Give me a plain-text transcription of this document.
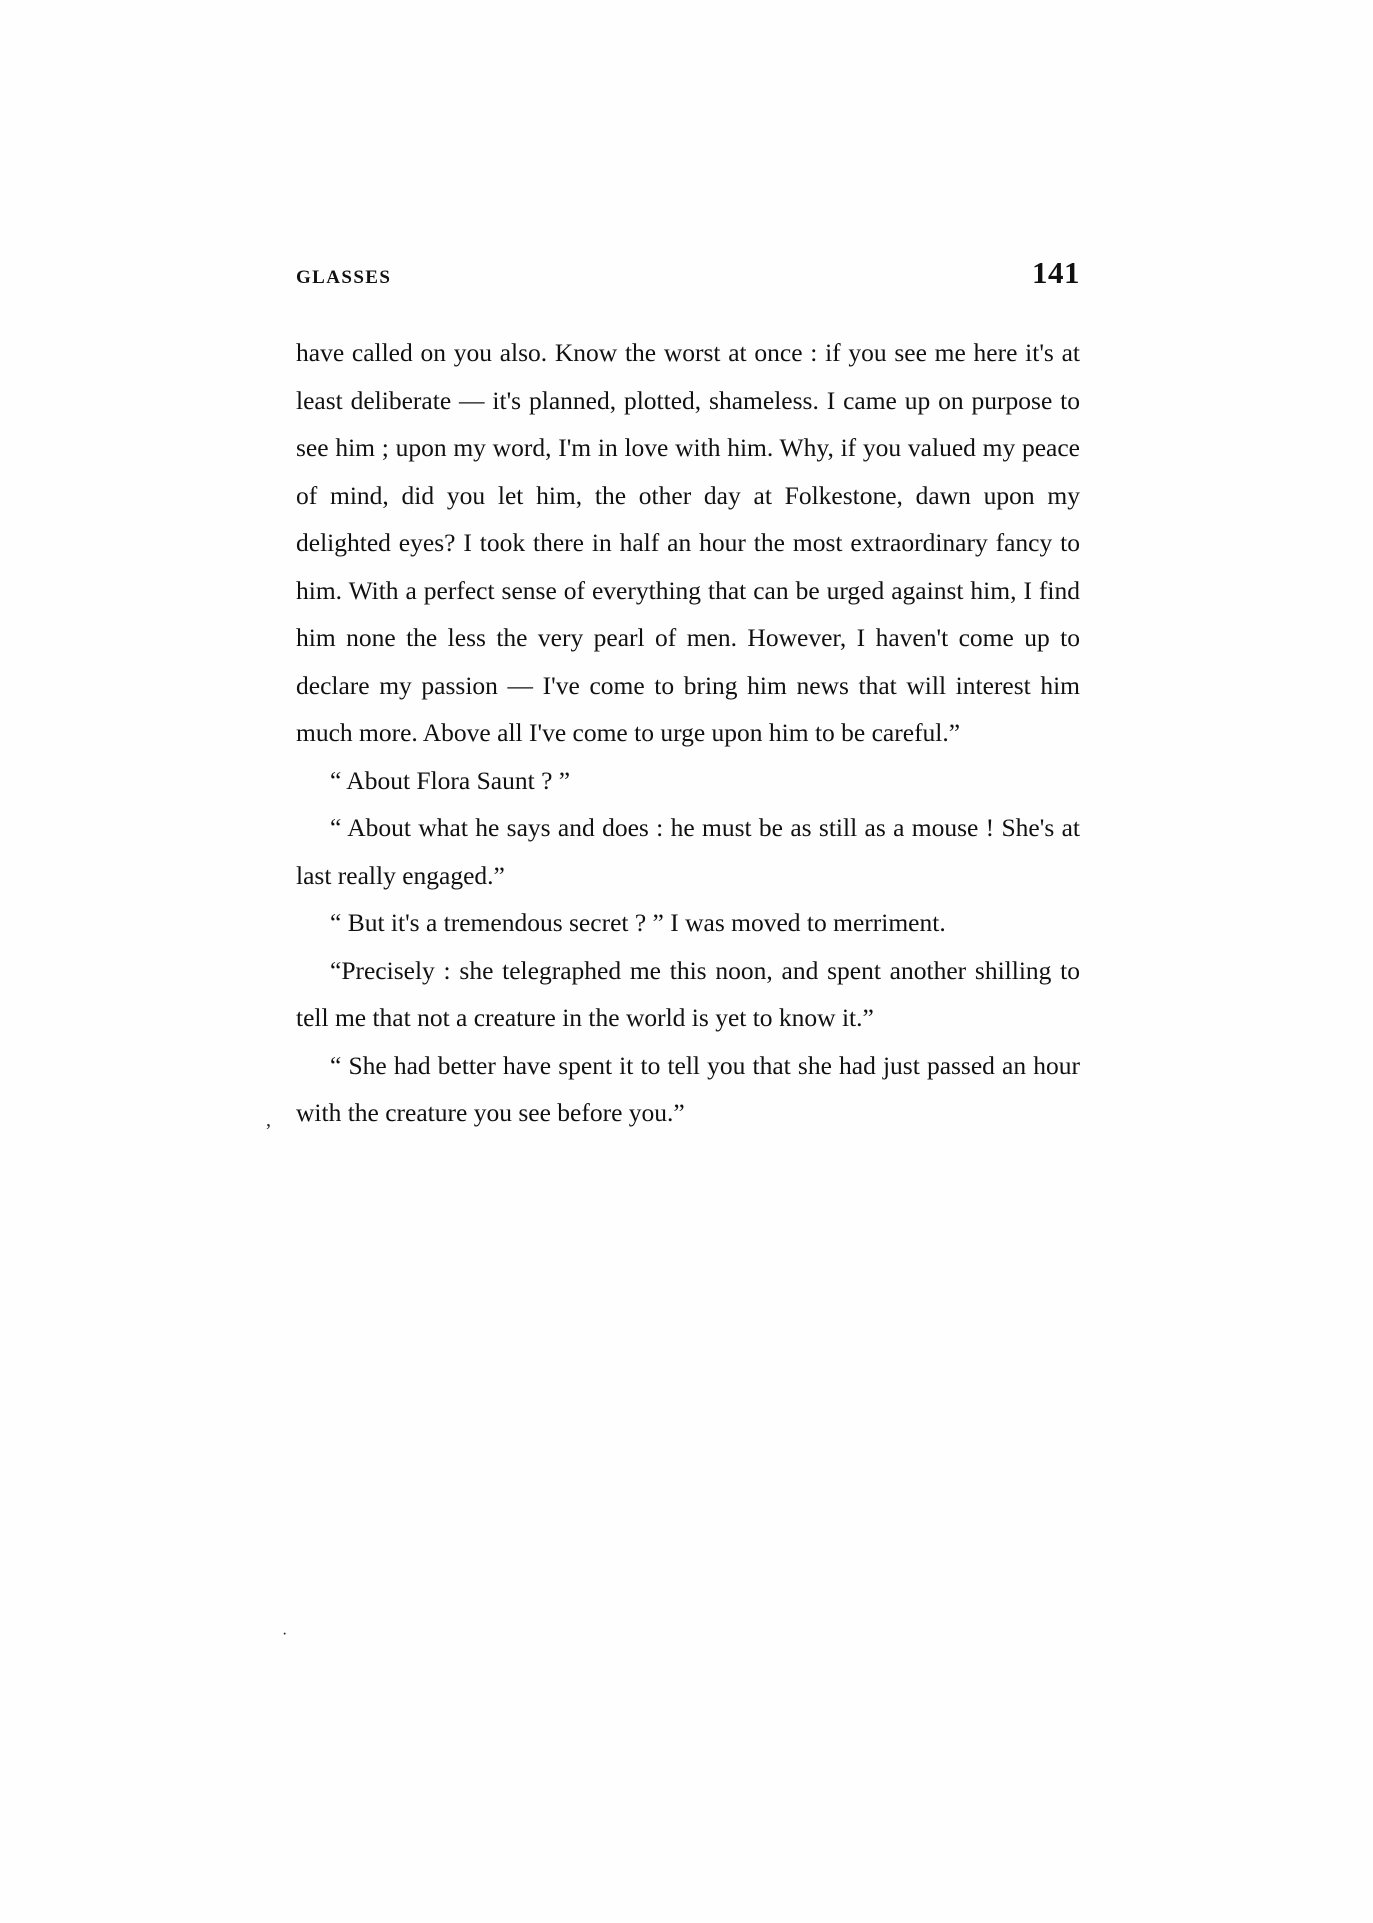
GLASSES	141

have called on you also. Know the worst at once : if you see me here it's at least deliberate — it's planned, plotted, shameless. I came up on purpose to see him ; upon my word, I'm in love with him. Why, if you valued my peace of mind, did you let him, the other day at Folkestone, dawn upon my delighted eyes? I took there in half an hour the most extraordinary fancy to him. With a perfect sense of everything that can be urged against him, I find him none the less the very pearl of men. However, I haven't come up to declare my passion — I've come to bring him news that will interest him much more. Above all I've come to urge upon him to be careful.”

“ About Flora Saunt ? ”

“ About what he says and does : he must be as still as a mouse ! She's at last really engaged.”

“ But it's a tremendous secret ? ” I was moved to merriment.

“Precisely : she telegraphed me this noon, and spent another shilling to tell me that not a creature in the world is yet to know it.”

“ She had better have spent it to tell you that she had just passed an hour with the creature you see before you.”

,
·
